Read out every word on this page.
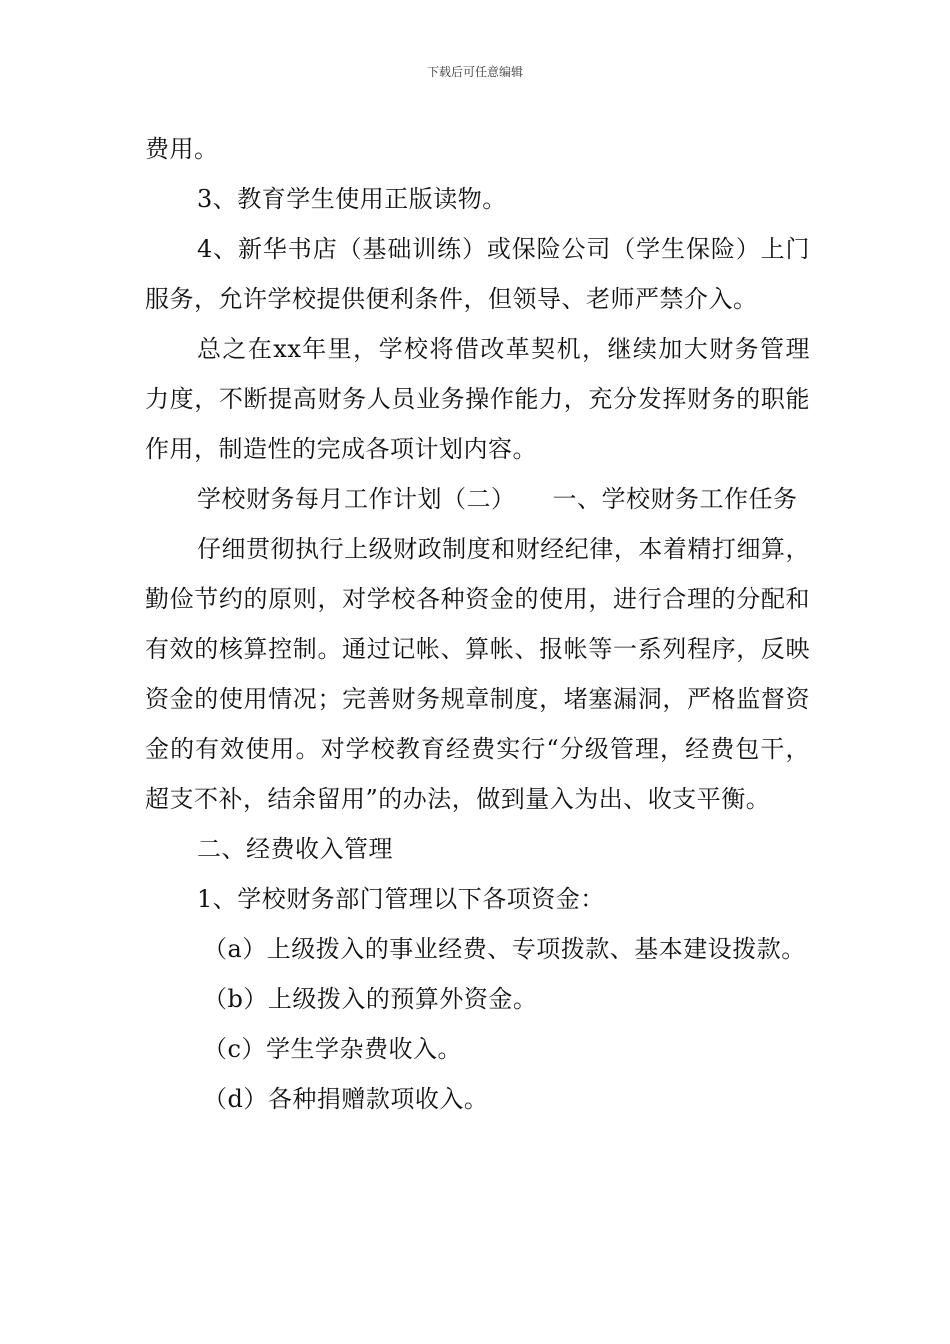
下载后可任意编辑

费用。

3、教育学生使用正版读物。

4、新华书店（基础训练）或保险公司（学生保险）上门服务，允许学校提供便利条件，但领导、老师严禁介入。

总之在xx年里，学校将借改革契机，继续加大财务管理力度，不断提高财务人员业务操作能力，充分发挥财务的职能作用，制造性的完成各项计划内容。

学校财务每月工作计划（二）　　一、学校财务工作任务

仔细贯彻执行上级财政制度和财经纪律，本着精打细算，勤俭节约的原则，对学校各种资金的使用，进行合理的分配和有效的核算控制。通过记帐、算帐、报帐等一系列程序，反映资金的使用情况；完善财务规章制度，堵塞漏洞，严格监督资金的有效使用。对学校教育经费实行“分级管理，经费包干，超支不补，结余留用”的办法，做到量入为出、收支平衡。

二、经费收入管理

1、学校财务部门管理以下各项资金：

（a）上级拨入的事业经费、专项拨款、基本建设拨款。

（b）上级拨入的预算外资金。

（c）学生学杂费收入。

（d）各种捐赠款项收入。
